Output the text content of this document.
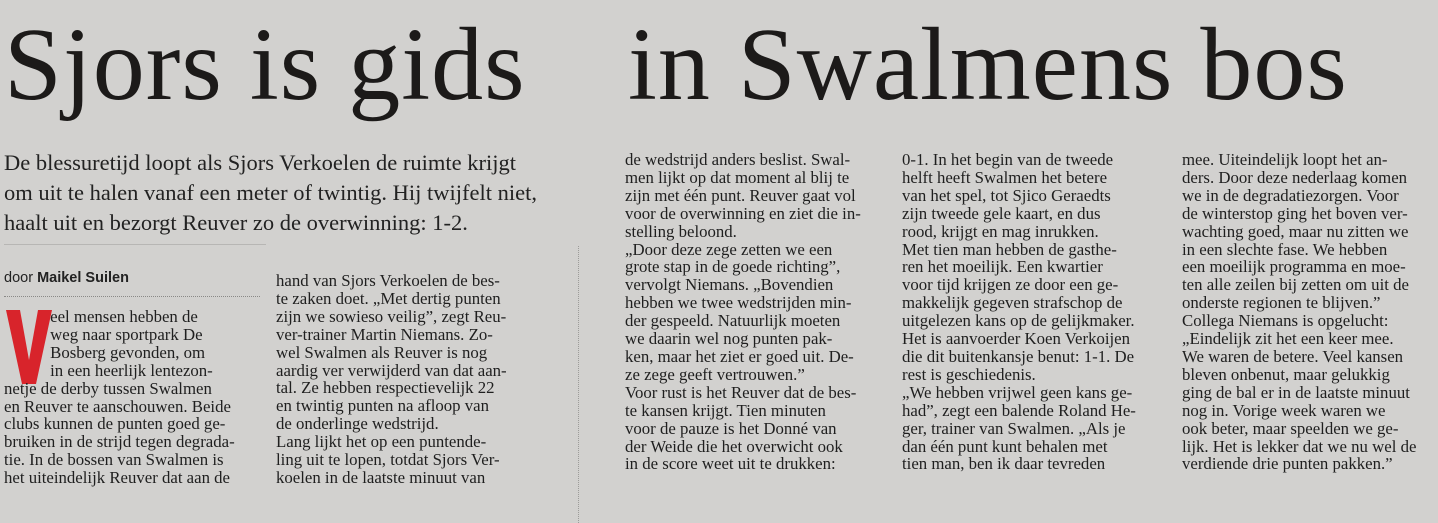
Sjors is gids in Swalmens bos
De blessuretijd loopt als Sjors Verkoelen de ruimte krijgt om uit te halen vanaf een meter of twintig. Hij twijfelt niet, haalt uit en bezorgt Reuver zo de overwinning: 1-2.
door Maikel Suilen
eel mensen hebben de
weg naar sportpark De
Bosberg gevonden, om
in een heerlijk lentezon-
netje de derby tussen Swalmen
en Reuver te aanschouwen. Beide
clubs kunnen de punten goed ge-
bruiken in de strijd tegen degrada-
tie. In de bossen van Swalmen is
het uiteindelijk Reuver dat aan de
hand van Sjors Verkoelen de bes-
te zaken doet. „Met dertig punten
zijn we sowieso veilig”, zegt Reu-
ver-trainer Martin Niemans. Zo-
wel Swalmen als Reuver is nog
aardig ver verwijderd van dat aan-
tal. Ze hebben respectievelijk 22
en twintig punten na afloop van
de onderlinge wedstrijd.
Lang lijkt het op een puntende-
ling uit te lopen, totdat Sjors Ver-
koelen in de laatste minuut van
de wedstrijd anders beslist. Swal-
men lijkt op dat moment al blij te
zijn met één punt. Reuver gaat vol
voor de overwinning en ziet die in-
stelling beloond.
„Door deze zege zetten we een
grote stap in de goede richting”,
vervolgt Niemans. „Bovendien
hebben we twee wedstrijden min-
der gespeeld. Natuurlijk moeten
we daarin wel nog punten pak-
ken, maar het ziet er goed uit. De-
ze zege geeft vertrouwen.”
Voor rust is het Reuver dat de bes-
te kansen krijgt. Tien minuten
voor de pauze is het Donné van
der Weide die het overwicht ook
in de score weet uit te drukken:
0-1. In het begin van de tweede
helft heeft Swalmen het betere
van het spel, tot Sjico Geraedts
zijn tweede gele kaart, en dus
rood, krijgt en mag inrukken.
Met tien man hebben de gasthe-
ren het moeilijk. Een kwartier
voor tijd krijgen ze door een ge-
makkelijk gegeven strafschop de
uitgelezen kans op de gelijkmaker.
Het is aanvoerder Koen Verkoijen
die dit buitenkansje benut: 1-1. De
rest is geschiedenis.
„We hebben vrijwel geen kans ge-
had”, zegt een balende Roland He-
ger, trainer van Swalmen. „Als je
dan één punt kunt behalen met
tien man, ben ik daar tevreden
mee. Uiteindelijk loopt het an-
ders. Door deze nederlaag komen
we in de degradatiezorgen. Voor
de winterstop ging het boven ver-
wachting goed, maar nu zitten we
in een slechte fase. We hebben
een moeilijk programma en moe-
ten alle zeilen bij zetten om uit de
onderste regionen te blijven.”
Collega Niemans is opgelucht:
„Eindelijk zit het een keer mee.
We waren de betere. Veel kansen
bleven onbenut, maar gelukkig
ging de bal er in de laatste minuut
nog in. Vorige week waren we
ook beter, maar speelden we ge-
lijk. Het is lekker dat we nu wel de
verdiende drie punten pakken.”
